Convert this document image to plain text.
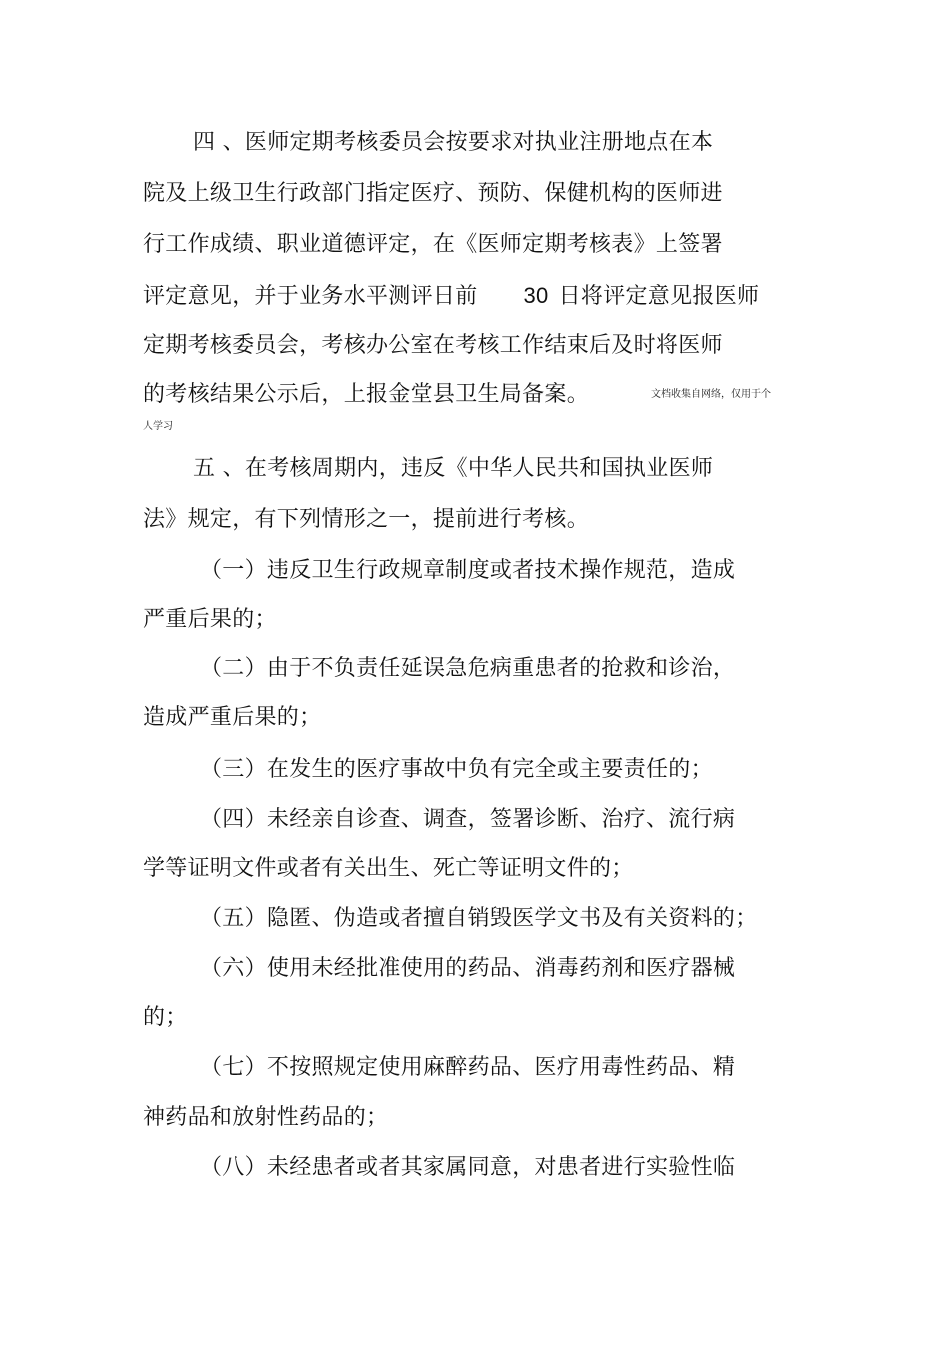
四 、医师定期考核委员会按要求对执业注册地点在本

院及上级卫生行政部门指定医疗、预防、保健机构的医师进

行工作成绩、职业道德评定，在《医师定期考核表》上签署

评定意见，并于业务水平测评日前 30 日将评定意见报医师

定期考核委员会，考核办公室在考核工作结束后及时将医师

的考核结果公示后，上报金堂县卫生局备案。	文档收集自网络，仅用于个

人学习

五 、在考核周期内，违反《中华人民共和国执业医师

法》规定，有下列情形之一，提前进行考核。

（一）违反卫生行政规章制度或者技术操作规范，造成

严重后果的；

（二）由于不负责任延误急危病重患者的抢救和诊治，

造成严重后果的；

（三）在发生的医疗事故中负有完全或主要责任的；

（四）未经亲自诊查、调查，签署诊断、治疗、流行病

学等证明文件或者有关出生、死亡等证明文件的；

（五）隐匿、伪造或者擅自销毁医学文书及有关资料的；

（六）使用未经批准使用的药品、消毒药剂和医疗器械

的；

（七）不按照规定使用麻醉药品、医疗用毒性药品、精

神药品和放射性药品的；

（八）未经患者或者其家属同意，对患者进行实验性临
